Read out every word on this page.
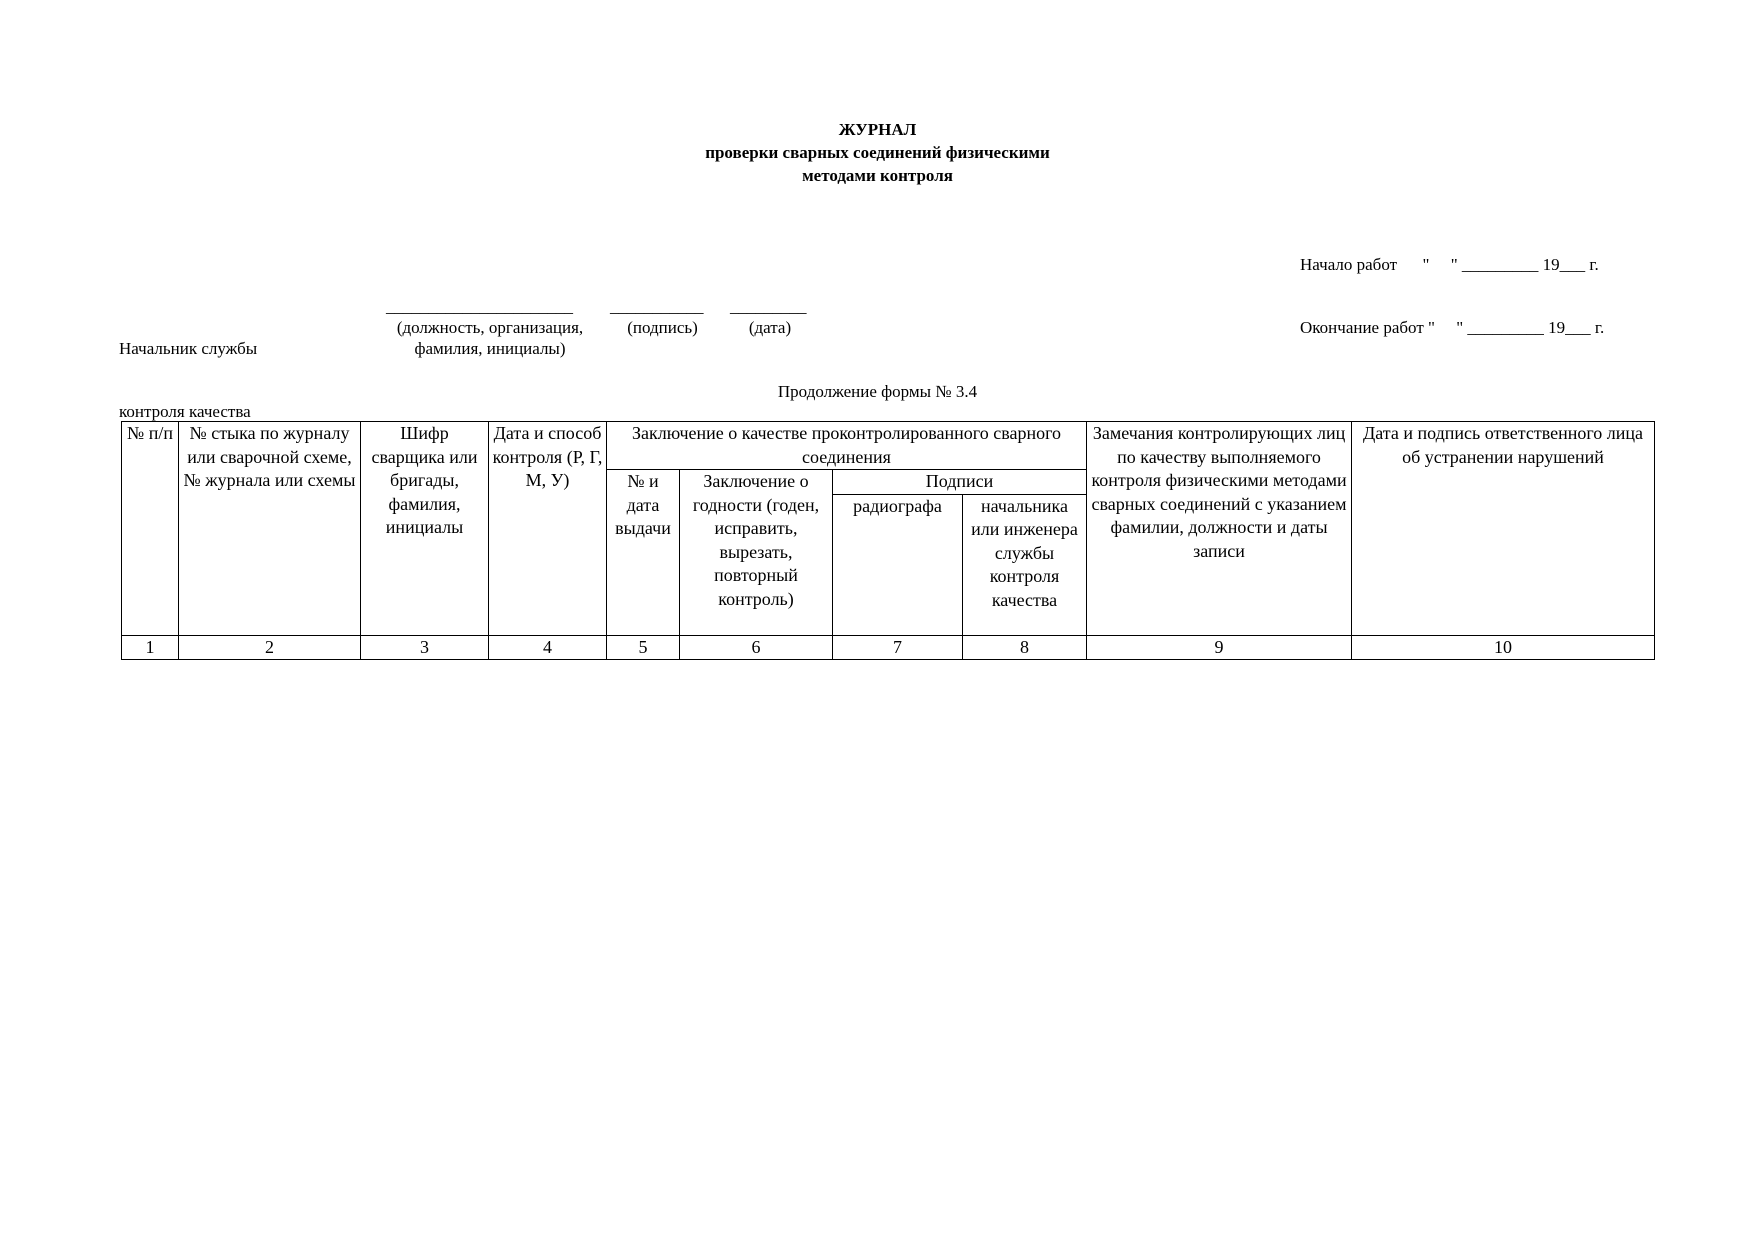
ЖУРНАЛ
проверки сварных соединений физическими
методами контроля

Начало работ      "     " _________ 19___ г.

Окончание работ "     " _________ 19___ г.

Начальник службы

контроля качества

______________________ ___________ _________
(должность, организация,
фамилия, инициалы)
(подпись)	(дата)
Продолжение формы № 3.4
№ п/п	№ стыка по журналу или сварочной схеме, № журнала или схемы	Шифр сварщика или бригады, фамилия, инициалы	Дата и способ контроля (Р, Г, М, У)	Заключение о качестве проконтролированного сварного соединения				Замечания контролирующих лиц по качеству выполняемого контроля физическими методами сварных соединений с указанием фамилии, должности и даты записи	Дата и подпись ответственного лица об устранении нарушений
				№ и дата выдачи	Заключение о годности (годен, исправить, вырезать, повторный контроль)	Подписи			
						радиографа	начальника или инженера службы контроля качества		
1	2	3	4	5	6	7	8	9	10
